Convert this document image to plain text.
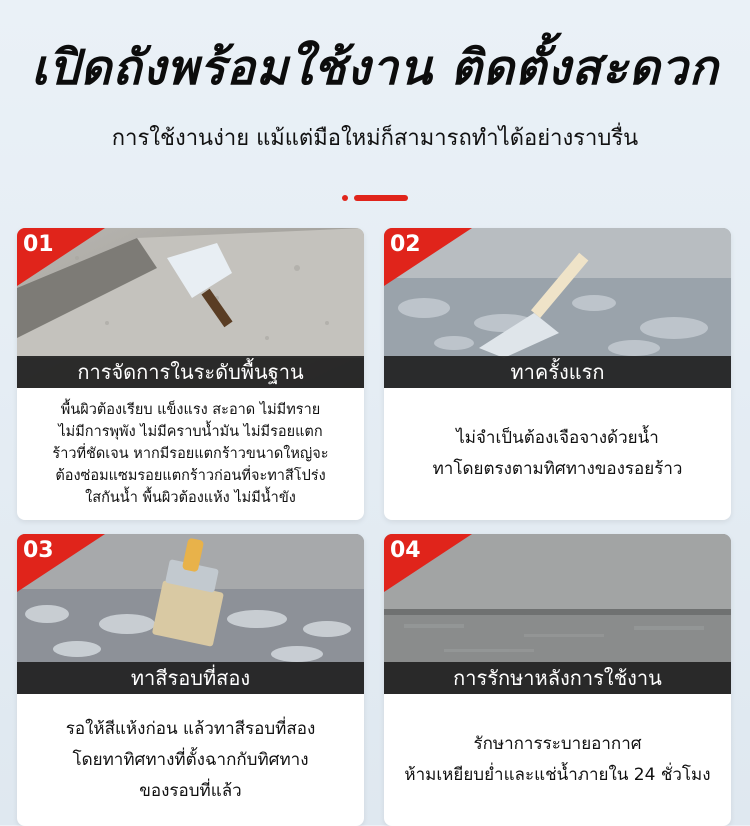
เปิดถังพร้อมใช้งาน ติดตั้งสะดวก
การใช้งานง่าย แม้แต่มือใหม่ก็สามารถทำได้อย่างราบรื่น
01
การจัดการในระดับพื้นฐาน
พื้นผิวต้องเรียบ แข็งแรง สะอาด ไม่มีทราย
ไม่มีการพุพัง ไม่มีคราบน้ำมัน ไม่มีรอยแตก
ร้าวที่ชัดเจน หากมีรอยแตกร้าวขนาดใหญ่จะ
ต้องซ่อมแซมรอยแตกร้าวก่อนที่จะทาสีโปร่ง
ใสกันน้ำ พื้นผิวต้องแห้ง ไม่มีน้ำขัง
02
ทาครั้งแรก
ไม่จำเป็นต้องเจือจางด้วยน้ำ
ทาโดยตรงตามทิศทางของรอยร้าว
03
ทาสีรอบที่สอง
รอให้สีแห้งก่อน แล้วทาสีรอบที่สอง
โดยทาทิศทางที่ตั้งฉากกับทิศทาง
ของรอบที่แล้ว
04
การรักษาหลังการใช้งาน
รักษาการระบายอากาศ
ห้ามเหยียบย่ำและแช่น้ำภายใน 24 ชั่วโมง
